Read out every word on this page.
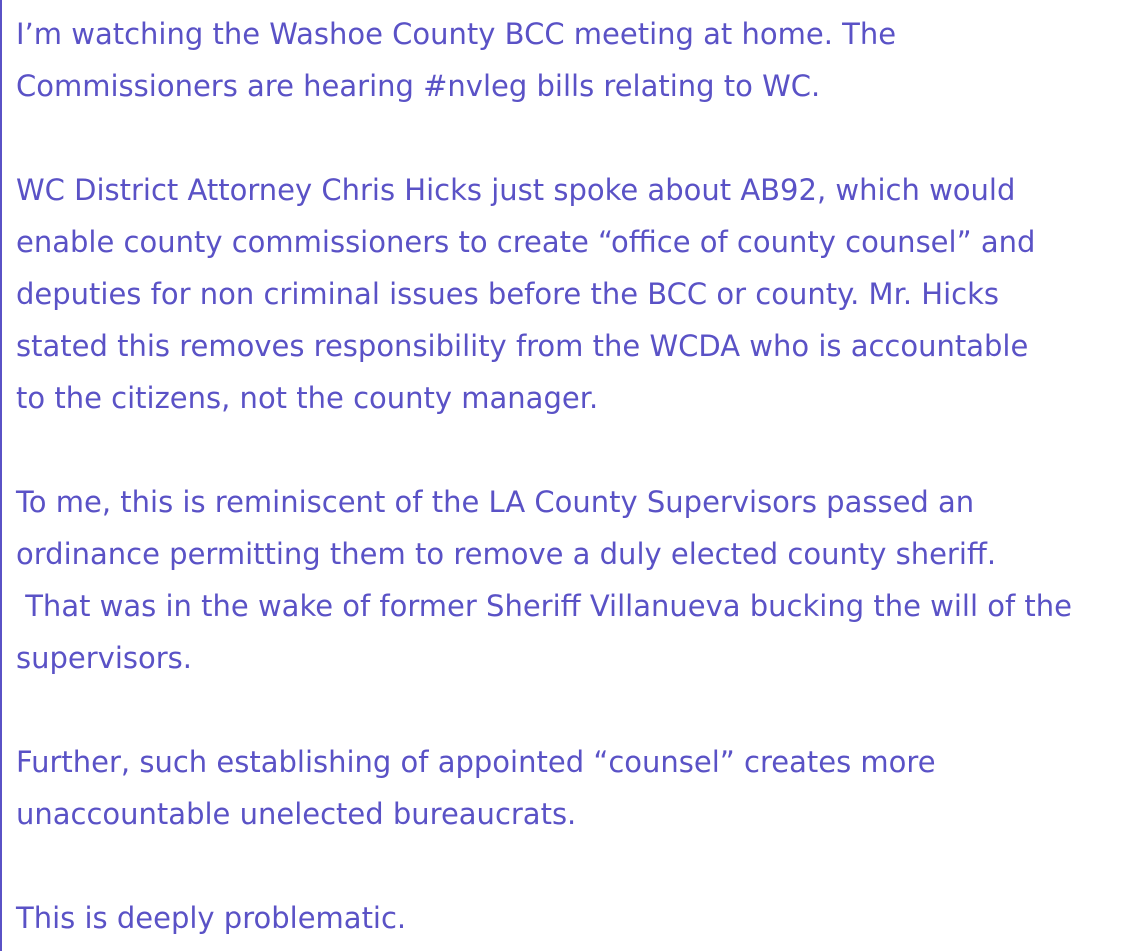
I’m watching the Washoe County BCC meeting at home. The
Commissioners are hearing #nvleg bills relating to WC.
WC District Attorney Chris Hicks just spoke about AB92, which would
enable county commissioners to create “office of county counsel” and
deputies for non criminal issues before the BCC or county. Mr. Hicks
stated this removes responsibility from the WCDA who is accountable
to the citizens, not the county manager.
To me, this is reminiscent of the LA County Supervisors passed an
ordinance permitting them to remove a duly elected county sheriff.
That was in the wake of former Sheriff Villanueva bucking the will of the
supervisors.
Further, such establishing of appointed “counsel” creates more
unaccountable unelected bureaucrats.
This is deeply problematic.
